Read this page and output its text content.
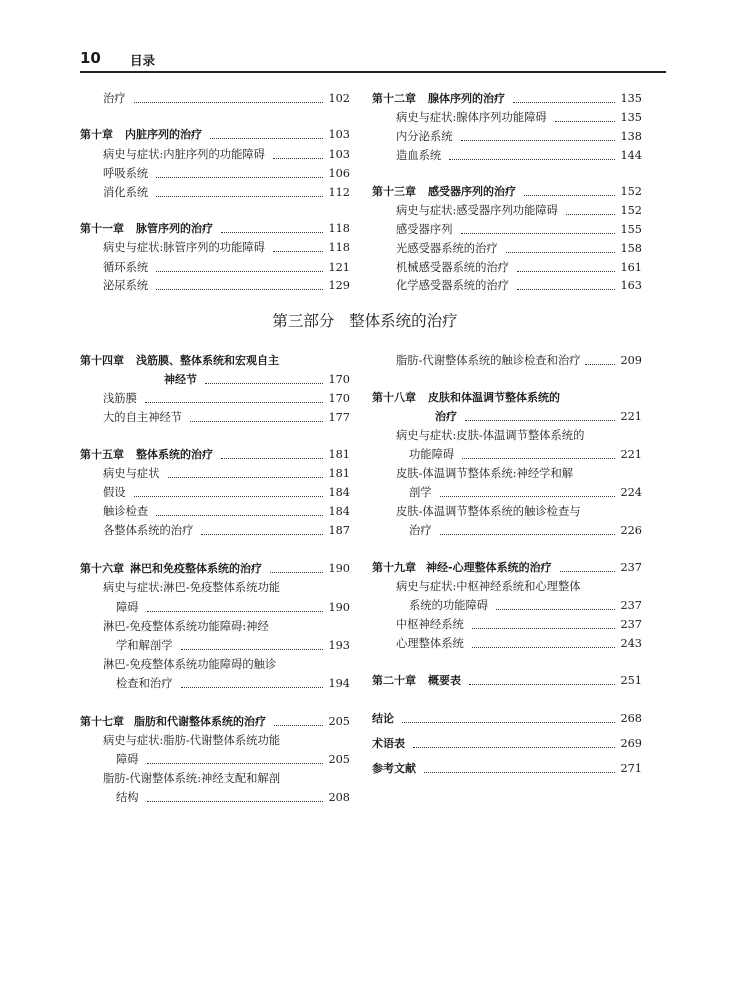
10 目录
第三部分 整体系统的治疗
治疗	102
第十章 内脏序列的治疗	103
病史与症状:内脏序列的功能障碍	103
呼吸系统	106
消化系统	112
第十一章 脉管序列的治疗	118
病史与症状:脉管序列的功能障碍	118
循环系统	121
泌尿系统	129
第十二章 腺体序列的治疗	135
病史与症状:腺体序列功能障碍	135
内分泌系统	138
造血系统	144
第十三章 感受器序列的治疗	152
病史与症状:感受器序列功能障碍	152
感受器序列	155
光感受器系统的治疗	158
机械感受器系统的治疗	161
化学感受器系统的治疗	163
第十四章 浅筋膜、整体系统和宏观自主
神经节	170
浅筋膜	170
大的自主神经节	177
第十五章 整体系统的治疗	181
病史与症状	181
假设	184
触诊检查	184
各整体系统的治疗	187
第十六章 淋巴和免疫整体系统的治疗	190
病史与症状:淋巴-免疫整体系统功能
障碍	190
淋巴-免疫整体系统功能障碍:神经
学和解剖学	193
淋巴-免疫整体系统功能障碍的触诊
检查和治疗	194
第十七章 脂肪和代谢整体系统的治疗	205
病史与症状:脂肪-代谢整体系统功能
障碍	205
脂肪-代谢整体系统:神经支配和解剖
结构	208
脂肪-代谢整体系统的触诊检查和治疗	209
第十八章 皮肤和体温调节整体系统的
治疗	221
病史与症状:皮肤-体温调节整体系统的
功能障碍	221
皮肤-体温调节整体系统:神经学和解
剖学	224
皮肤-体温调节整体系统的触诊检查与
治疗	226
第十九章 神经-心理整体系统的治疗	237
病史与症状:中枢神经系统和心理整体
系统的功能障碍	237
中枢神经系统	237
心理整体系统	243
第二十章 概要表	251
结论	268
术语表	269
参考文献	271
